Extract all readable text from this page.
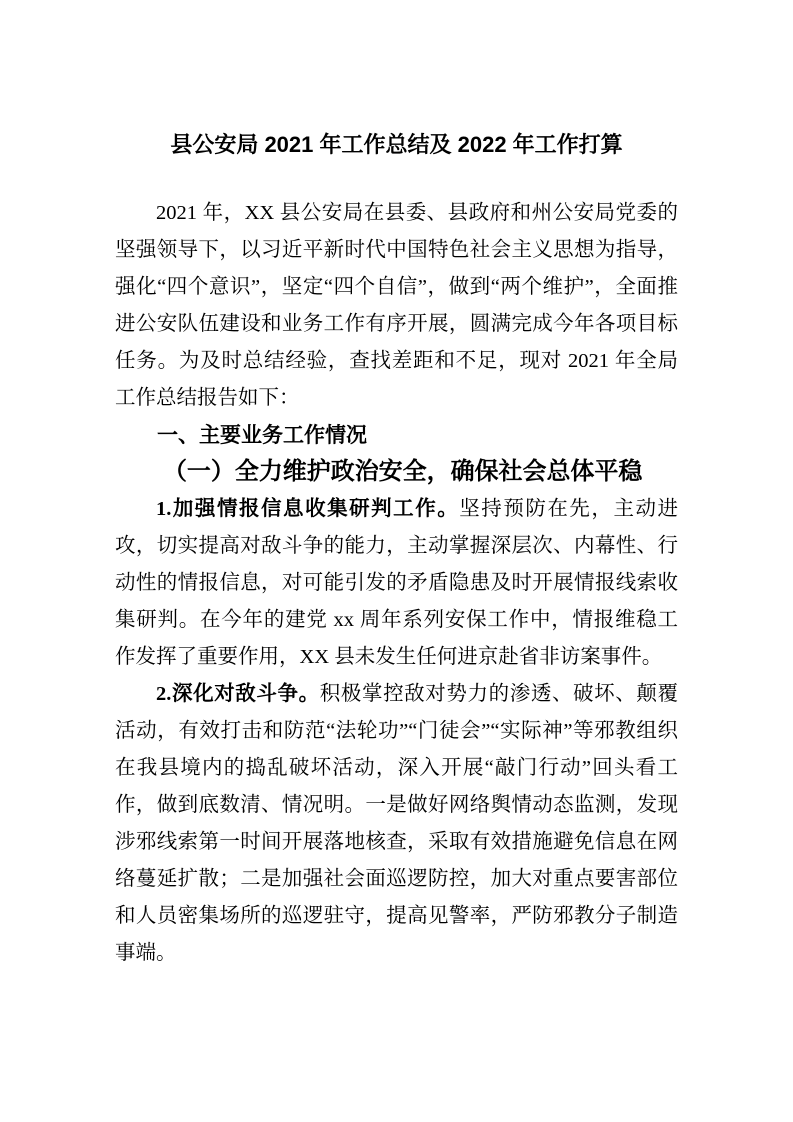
县公安局 2021 年工作总结及 2022 年工作打算

2021 年，XX 县公安局在县委、县政府和州公安局党委的坚强领导下，以习近平新时代中国特色社会主义思想为指导，强化“四个意识”，坚定“四个自信”，做到“两个维护”，全面推进公安队伍建设和业务工作有序开展，圆满完成今年各项目标任务。为及时总结经验，查找差距和不足，现对 2021 年全局工作总结报告如下：

一、主要业务工作情况
（一）全力维护政治安全，确保社会总体平稳

1.加强情报信息收集研判工作。坚持预防在先，主动进攻，切实提高对敌斗争的能力，主动掌握深层次、内幕性、行动性的情报信息，对可能引发的矛盾隐患及时开展情报线索收集研判。在今年的建党 xx 周年系列安保工作中，情报维稳工作发挥了重要作用，XX 县未发生任何进京赴省非访案事件。

2.深化对敌斗争。积极掌控敌对势力的渗透、破坏、颠覆活动，有效打击和防范“法轮功”“门徒会”“实际神”等邪教组织在我县境内的捣乱破坏活动，深入开展“敲门行动”回头看工作，做到底数清、情况明。一是做好网络舆情动态监测，发现涉邪线索第一时间开展落地核查，采取有效措施避免信息在网络蔓延扩散；二是加强社会面巡逻防控，加大对重点要害部位和人员密集场所的巡逻驻守，提高见警率，严防邪教分子制造事端。
